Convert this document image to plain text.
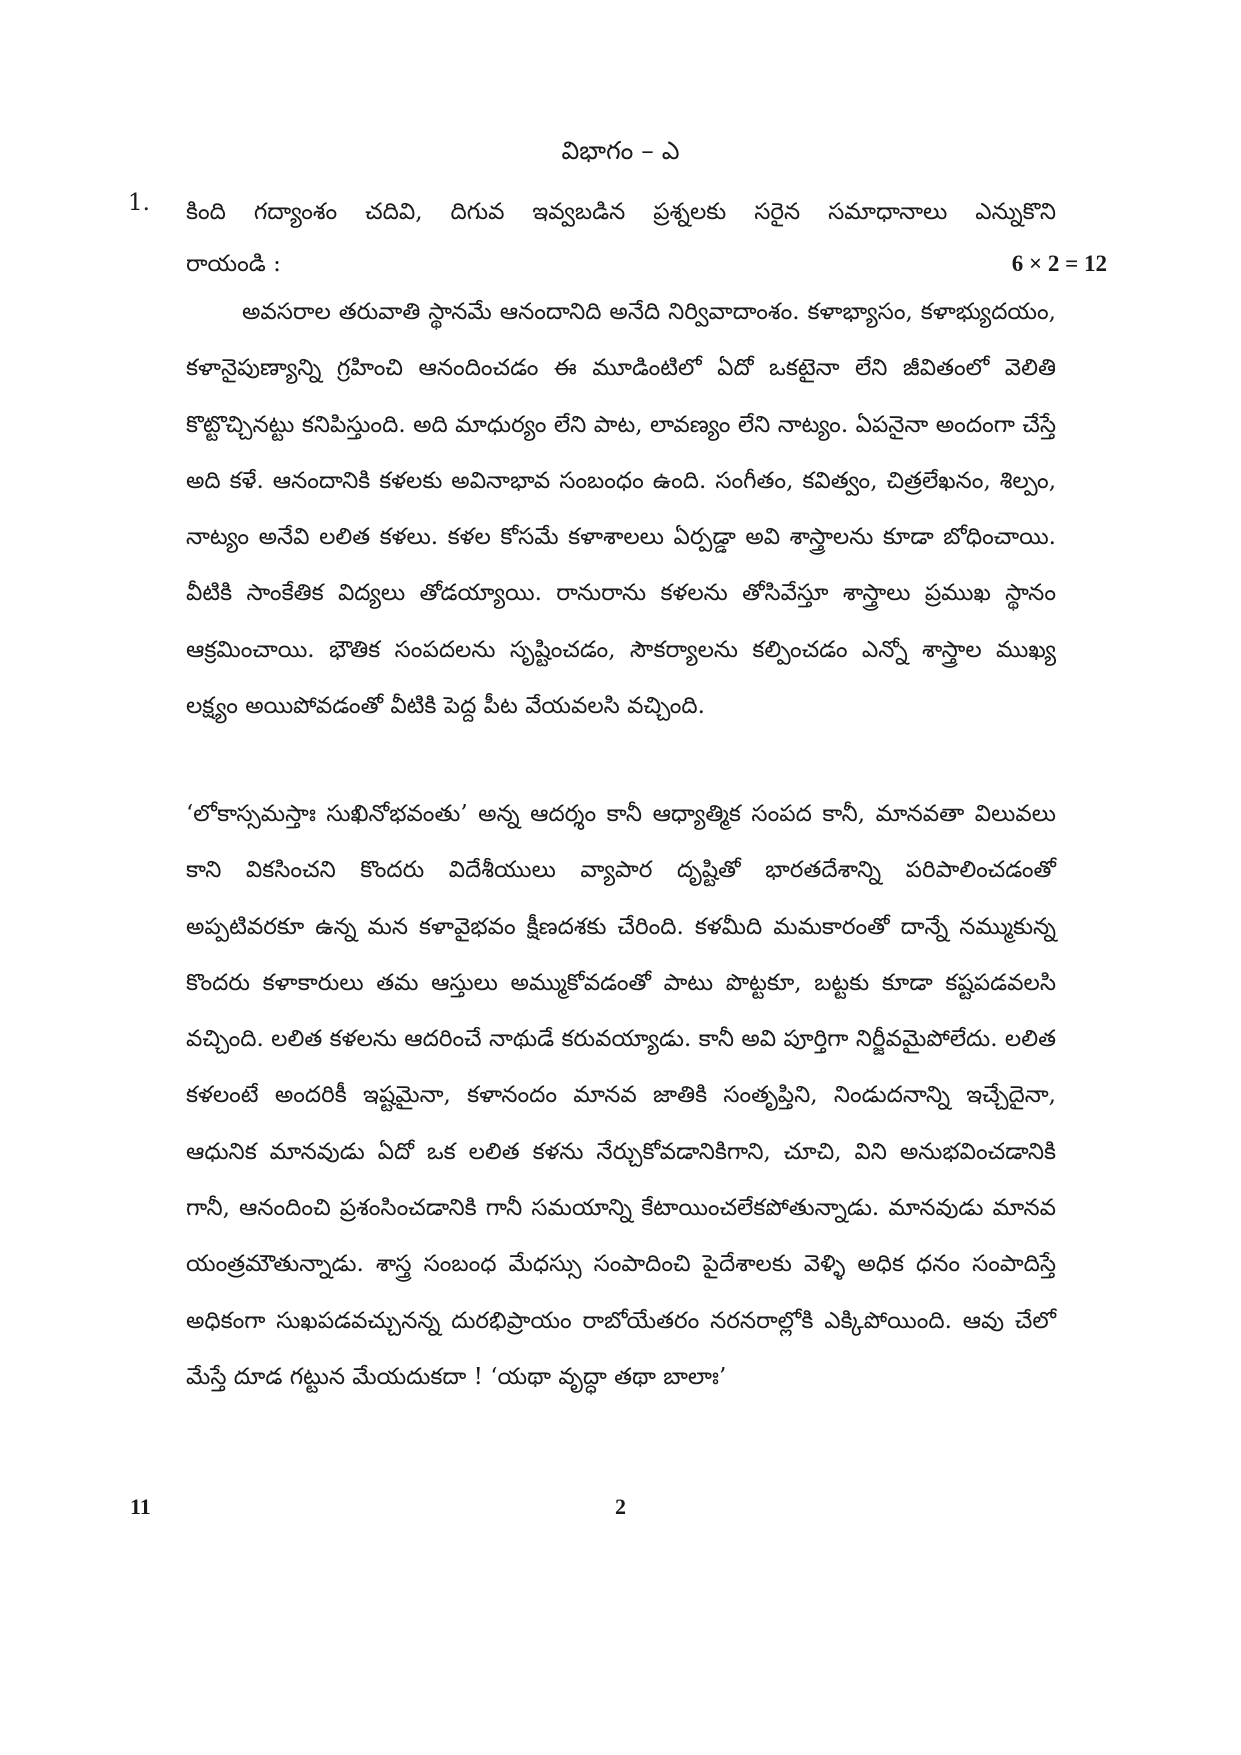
విభాగం – ఎ
1. కింది గద్యాంశం చదివి, దిగువ ఇవ్వబడిన ప్రశ్నలకు సరైన సమాధానాలు ఎన్నుకొని
రాయండి :	6 × 2 = 12
అవసరాల తరువాతి స్థానమే ఆనందానిది అనేది నిర్వివాదాంశం. కళాభ్యాసం, కళాభ్యుదయం, కళానైపుణ్యాన్ని గ్రహించి ఆనందించడం ఈ మూడింటిలో ఏదో ఒకటైనా లేని జీవితంలో వెలితి కొట్టొచ్చినట్టు కనిపిస్తుంది. అది మాధుర్యం లేని పాట, లావణ్యం లేని నాట్యం. ఏపనైనా అందంగా చేస్తే అది కళే. ఆనందానికి కళలకు అవినాభావ సంబంధం ఉంది. సంగీతం, కవిత్వం, చిత్రలేఖనం, శిల్పం, నాట్యం అనేవి లలిత కళలు. కళల కోసమే కళాశాలలు ఏర్పడ్డా అవి శాస్త్రాలను కూడా బోధించాయి. వీటికి సాంకేతిక విద్యలు తోడయ్యాయి. రానురాను కళలను తోసివేస్తూ శాస్త్రాలు ప్రముఖ స్థానం ఆక్రమించాయి. భౌతిక సంపదలను సృష్టించడం, సౌకర్యాలను కల్పించడం ఎన్నో శాస్త్రాల ముఖ్య లక్ష్యం అయిపోవడంతో వీటికి పెద్ద పీట వేయవలసి వచ్చింది.
‘లోకాస్సమస్తాః సుఖినోభవంతు’ అన్న ఆదర్శం కానీ ఆధ్యాత్మిక సంపద కానీ, మానవతా విలువలు కాని వికసించని కొందరు విదేశీయులు వ్యాపార దృష్టితో భారతదేశాన్ని పరిపాలించడంతో అప్పటివరకూ ఉన్న మన కళావైభవం క్షీణదశకు చేరింది. కళమీది మమకారంతో దాన్నే నమ్ముకున్న కొందరు కళాకారులు తమ ఆస్తులు అమ్ముకోవడంతో పాటు పొట్టకూ, బట్టకు కూడా కష్టపడవలసి వచ్చింది. లలిత కళలను ఆదరించే నాథుడే కరువయ్యాడు. కానీ అవి పూర్తిగా నిర్జీవమైపోలేదు. లలిత కళలంటే అందరికీ ఇష్టమైనా, కళానందం మానవ జాతికి సంతృప్తిని, నిండుదనాన్ని ఇచ్చేదైనా, ఆధునిక మానవుడు ఏదో ఒక లలిత కళను నేర్చుకోవడానికిగాని, చూచి, విని అనుభవించడానికి గానీ, ఆనందించి ప్రశంసించడానికి గానీ సమయాన్ని కేటాయించలేకపోతున్నాడు. మానవుడు మానవ యంత్రమౌతున్నాడు. శాస్త్ర సంబంధ మేధస్సు సంపాదించి పైదేశాలకు వెళ్ళి అధిక ధనం సంపాదిస్తే అధికంగా సుఖపడవచ్చునన్న దురభిప్రాయం రాబోయేతరం నరనరాల్లోకి ఎక్కిపోయింది. ఆవు చేలో మేస్తే దూడ గట్టున మేయదుకదా ! ‘యథా వృద్ధా తథా బాలాః’
11	2
